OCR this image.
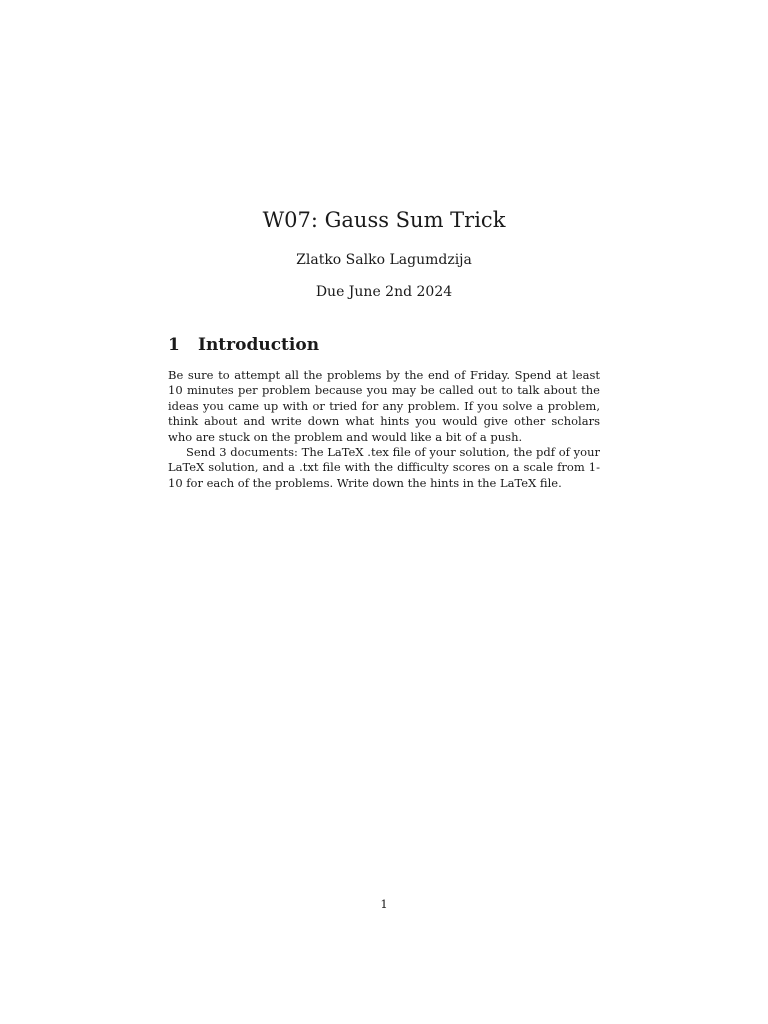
W07: Gauss Sum Trick
Zlatko Salko Lagumdzija
Due June 2nd 2024
1 Introduction

Be sure to attempt all the problems by the end of Friday. Spend at least 10 minutes per problem because you may be called out to talk about the ideas you came up with or tried for any problem. If you solve a problem, think about and write down what hints you would give other scholars who are stuck on the problem and would like a bit of a push.

Send 3 documents: The LaTeX .tex file of your solution, the pdf of your LaTeX solution, and a .txt file with the difficulty scores on a scale from 1-10 for each of the problems. Write down the hints in the LaTeX file.

1
